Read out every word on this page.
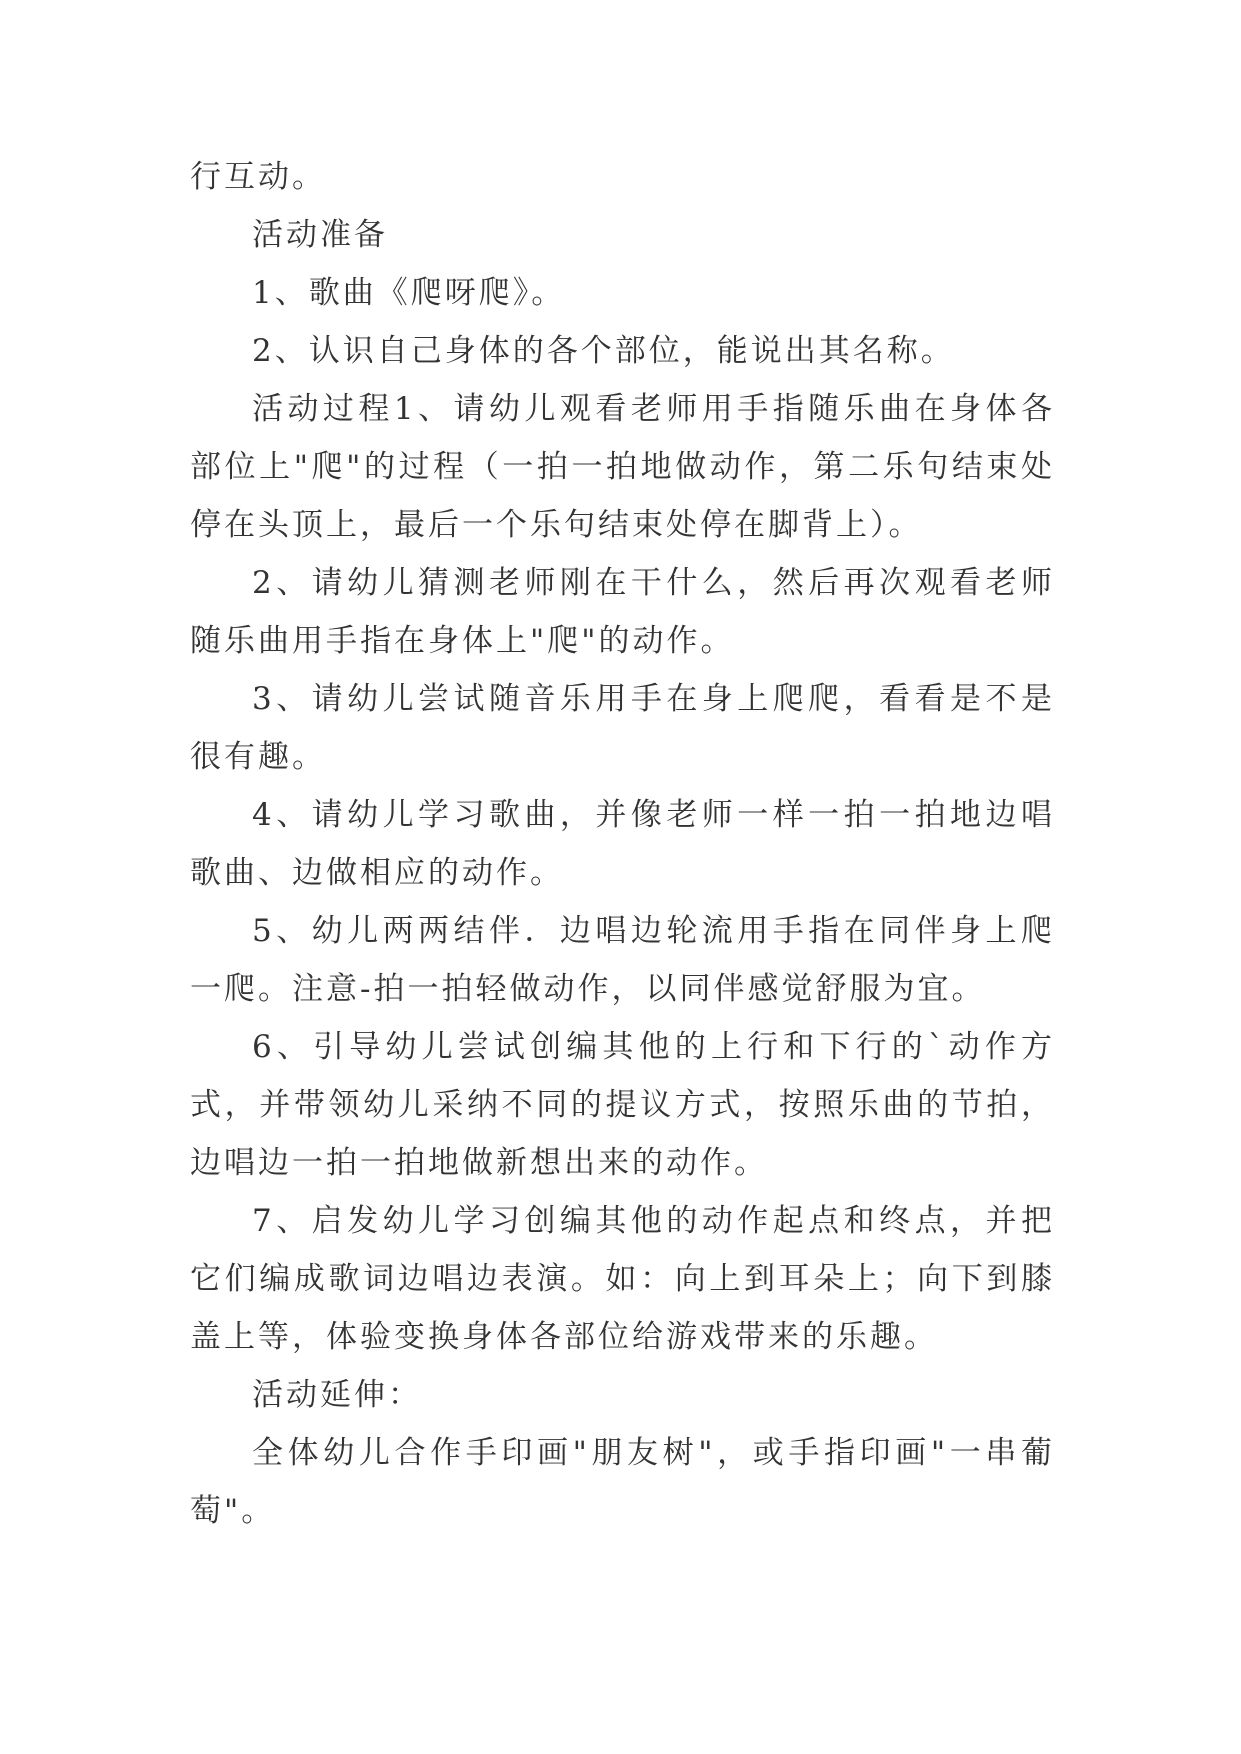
行互动。

活动准备

1、歌曲《爬呀爬》。

2、认识自己身体的各个部位，能说出其名称。

活动过程1、请幼儿观看老师用手指随乐曲在身体各部位上"爬"的过程（一拍一拍地做动作，第二乐句结束处停在头顶上，最后一个乐句结束处停在脚背上）。

2、请幼儿猜测老师刚在干什么，然后再次观看老师随乐曲用手指在身体上"爬"的动作。

3、请幼儿尝试随音乐用手在身上爬爬，看看是不是很有趣。

4、请幼儿学习歌曲，并像老师一样一拍一拍地边唱歌曲、边做相应的动作。

5、幼儿两两结伴．边唱边轮流用手指在同伴身上爬一爬。注意-拍一拍轻做动作，以同伴感觉舒服为宜。

6、引导幼儿尝试创编其他的上行和下行的`动作方式，并带领幼儿采纳不同的提议方式，按照乐曲的节拍，边唱边一拍一拍地做新想出来的动作。

7、启发幼儿学习创编其他的动作起点和终点，并把它们编成歌词边唱边表演。如：向上到耳朵上；向下到膝盖上等，体验变换身体各部位给游戏带来的乐趣。

活动延伸：

全体幼儿合作手印画"朋友树"，或手指印画"一串葡萄"。
